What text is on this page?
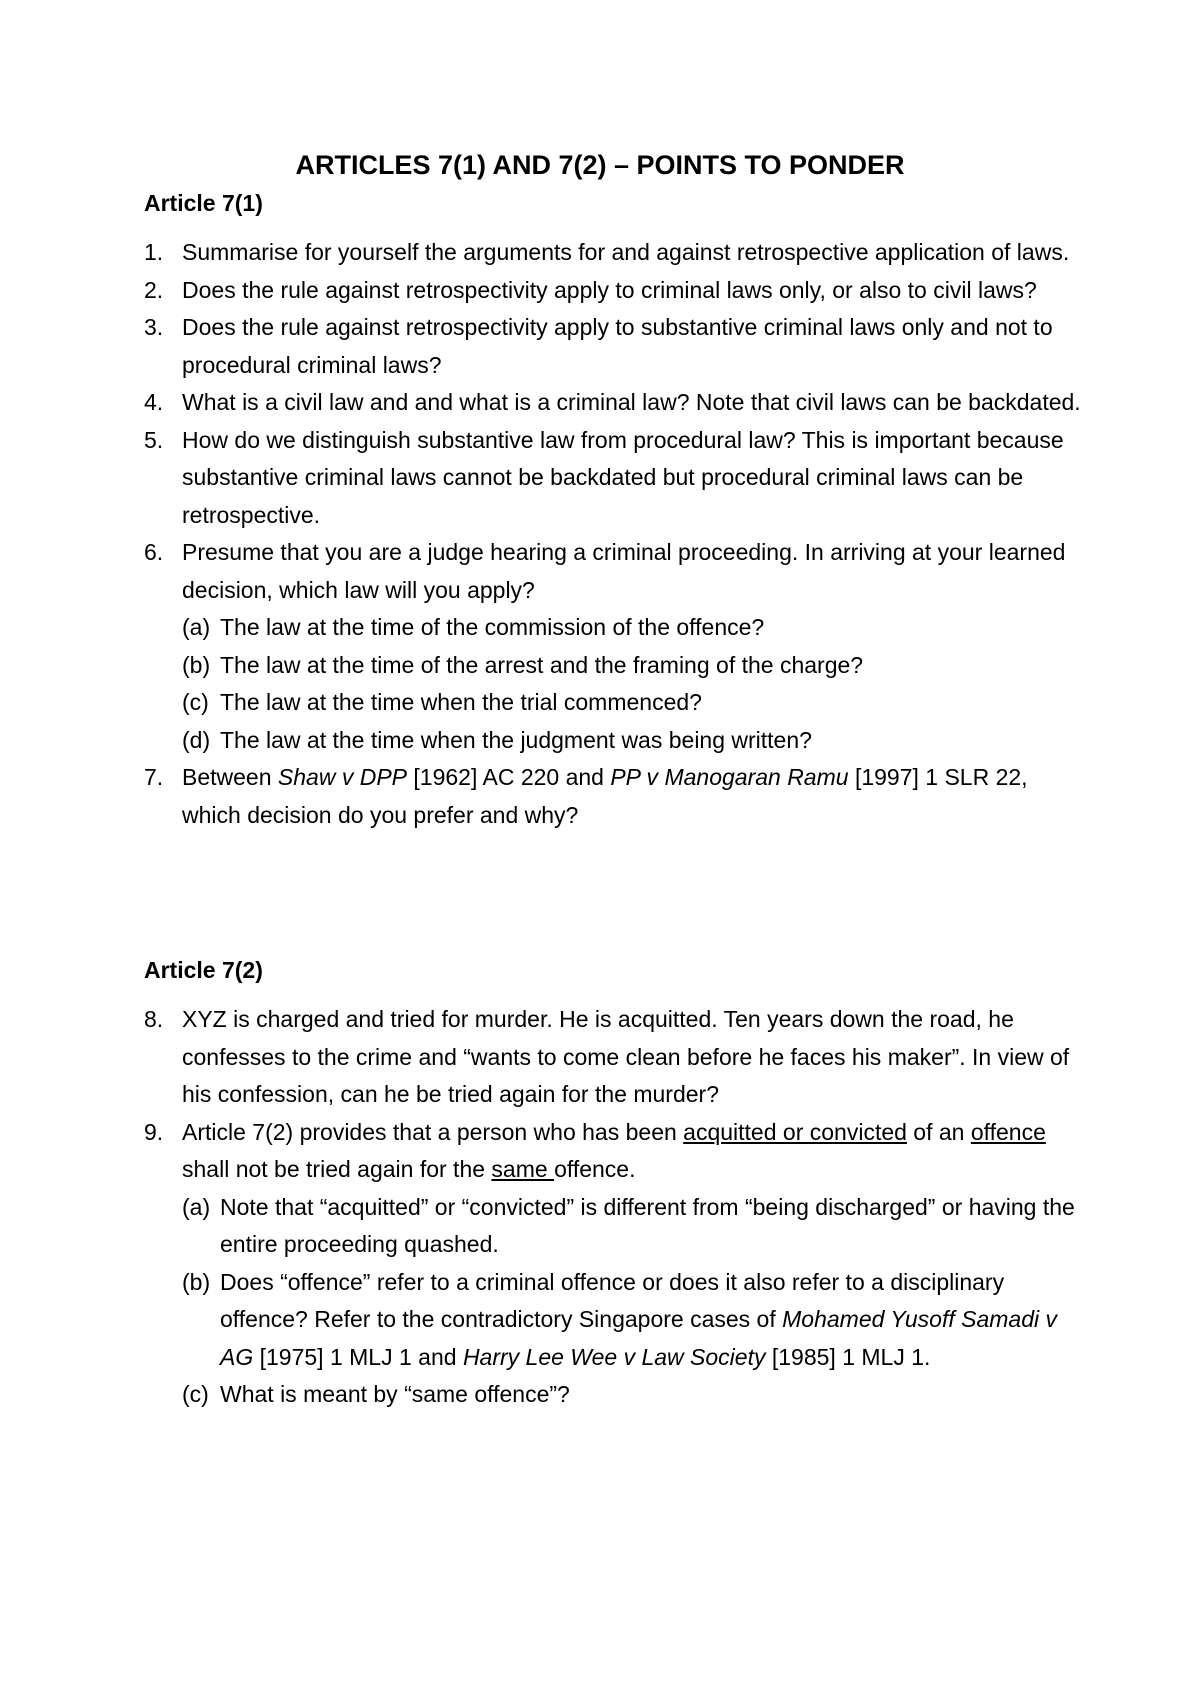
ARTICLES 7(1) AND 7(2) – POINTS TO PONDER
Article 7(1)
1. Summarise for yourself the arguments for and against retrospective application of laws.
2. Does the rule against retrospectivity apply to criminal laws only, or also to civil laws?
3. Does the rule against retrospectivity apply to substantive criminal laws only and not to procedural criminal laws?
4. What is a civil law and and what is a criminal law? Note that civil laws can be backdated.
5. How do we distinguish substantive law from procedural law? This is important because substantive criminal laws cannot be backdated but procedural criminal laws can be retrospective.
6. Presume that you are a judge hearing a criminal proceeding. In arriving at your learned decision, which law will you apply?
(a) The law at the time of the commission of the offence?
(b) The law at the time of the arrest and the framing of the charge?
(c) The law at the time when the trial commenced?
(d) The law at the time when the judgment was being written?
7. Between Shaw v DPP [1962] AC 220 and PP v Manogaran Ramu [1997] 1 SLR 22, which decision do you prefer and why?
Article 7(2)
8. XYZ is charged and tried for murder. He is acquitted. Ten years down the road, he confesses to the crime and “wants to come clean before he faces his maker”. In view of his confession, can he be tried again for the murder?
9. Article 7(2) provides that a person who has been acquitted or convicted of an offence shall not be tried again for the same offence.
(a) Note that “acquitted” or “convicted” is different from “being discharged” or having the entire proceeding quashed.
(b) Does “offence” refer to a criminal offence or does it also refer to a disciplinary offence? Refer to the contradictory Singapore cases of Mohamed Yusoff Samadi v AG [1975] 1 MLJ 1 and Harry Lee Wee v Law Society [1985] 1 MLJ 1.
(c) What is meant by “same offence”?
